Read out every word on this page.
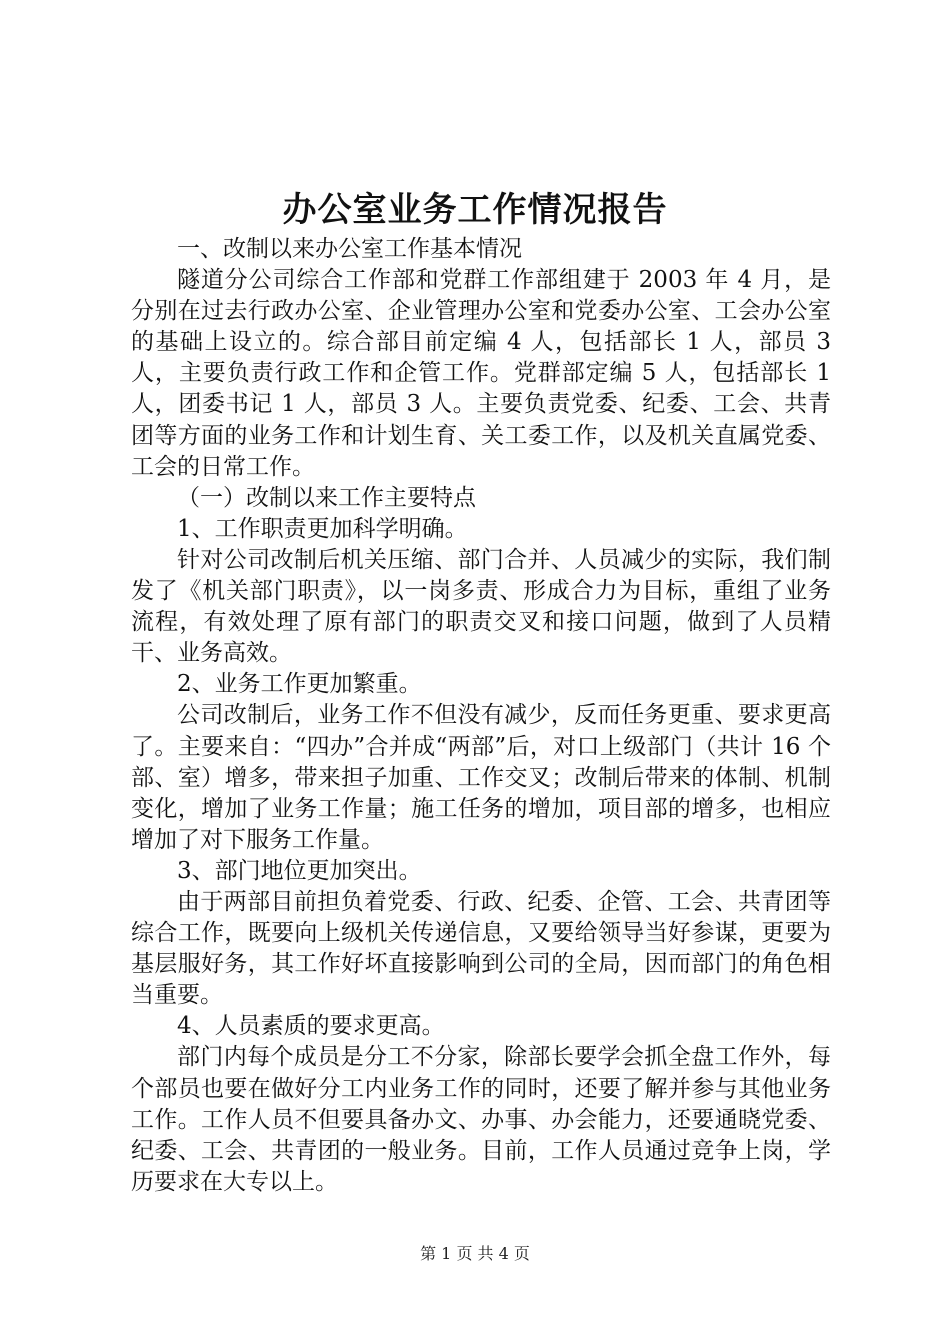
办公室业务工作情况报告

一、改制以来办公室工作基本情况

隧道分公司综合工作部和党群工作部组建于 2003 年 4 月，是分别在过去行政办公室、企业管理办公室和党委办公室、工会办公室的基础上设立的。综合部目前定编 4 人，包括部长 1 人，部员 3 人，主要负责行政工作和企管工作。党群部定编 5 人，包括部长 1 人，团委书记 1 人，部员 3 人。主要负责党委、纪委、工会、共青团等方面的业务工作和计划生育、关工委工作，以及机关直属党委、工会的日常工作。

（一）改制以来工作主要特点

1、工作职责更加科学明确。

针对公司改制后机关压缩、部门合并、人员减少的实际，我们制发了《机关部门职责》，以一岗多责、形成合力为目标，重组了业务流程，有效处理了原有部门的职责交叉和接口问题，做到了人员精干、业务高效。

2、业务工作更加繁重。

公司改制后，业务工作不但没有减少，反而任务更重、要求更高了。主要来自：“四办”合并成“两部”后，对口上级部门（共计 16 个部、室）增多，带来担子加重、工作交叉；改制后带来的体制、机制变化，增加了业务工作量；施工任务的增加，项目部的增多，也相应增加了对下服务工作量。

3、部门地位更加突出。

由于两部目前担负着党委、行政、纪委、企管、工会、共青团等综合工作，既要向上级机关传递信息，又要给领导当好参谋，更要为基层服好务，其工作好坏直接影响到公司的全局，因而部门的角色相当重要。

4、人员素质的要求更高。

部门内每个成员是分工不分家，除部长要学会抓全盘工作外，每个部员也要在做好分工内业务工作的同时，还要了解并参与其他业务工作。工作人员不但要具备办文、办事、办会能力，还要通晓党委、纪委、工会、共青团的一般业务。目前，工作人员通过竞争上岗，学历要求在大专以上。

第 1 页 共 4 页
